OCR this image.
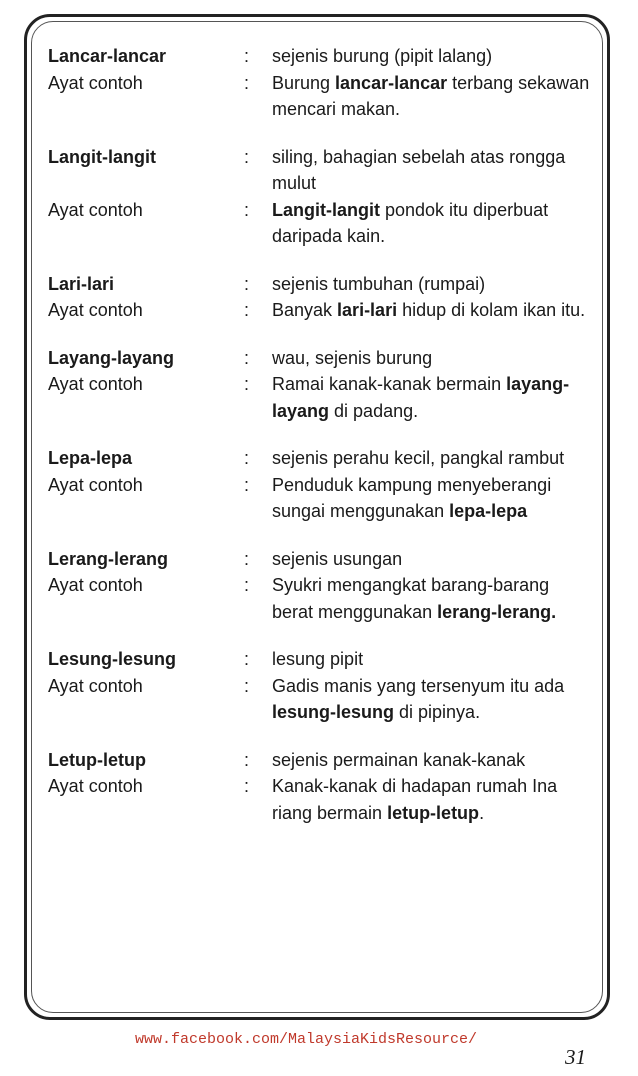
Lancar-lancar	:	sejenis burung (pipit lalang)
Ayat contoh	:	Burung lancar-lancar terbang sekawan mencari makan.
Langit-langit	:	siling, bahagian sebelah atas rongga mulut
Ayat contoh	:	Langit-langit pondok itu diperbuat daripada kain.
Lari-lari	:	sejenis tumbuhan (rumpai)
Ayat contoh	:	Banyak lari-lari hidup di kolam ikan itu.
Layang-layang	:	wau, sejenis burung
Ayat contoh	:	Ramai kanak-kanak bermain layang-layang di padang.
Lepa-lepa	:	sejenis perahu kecil, pangkal rambut
Ayat contoh	:	Penduduk kampung menyeberangi sungai menggunakan lepa-lepa
Lerang-lerang	:	sejenis usungan
Ayat contoh	:	Syukri mengangkat barang-barang berat menggunakan lerang-lerang.
Lesung-lesung	:	lesung pipit
Ayat contoh	:	Gadis manis yang tersenyum itu ada lesung-lesung di pipinya.
Letup-letup	:	sejenis permainan kanak-kanak
Ayat contoh	:	Kanak-kanak di hadapan rumah Ina riang bermain letup-letup.
www.facebook.com/MalaysiaKidsResource/
31
